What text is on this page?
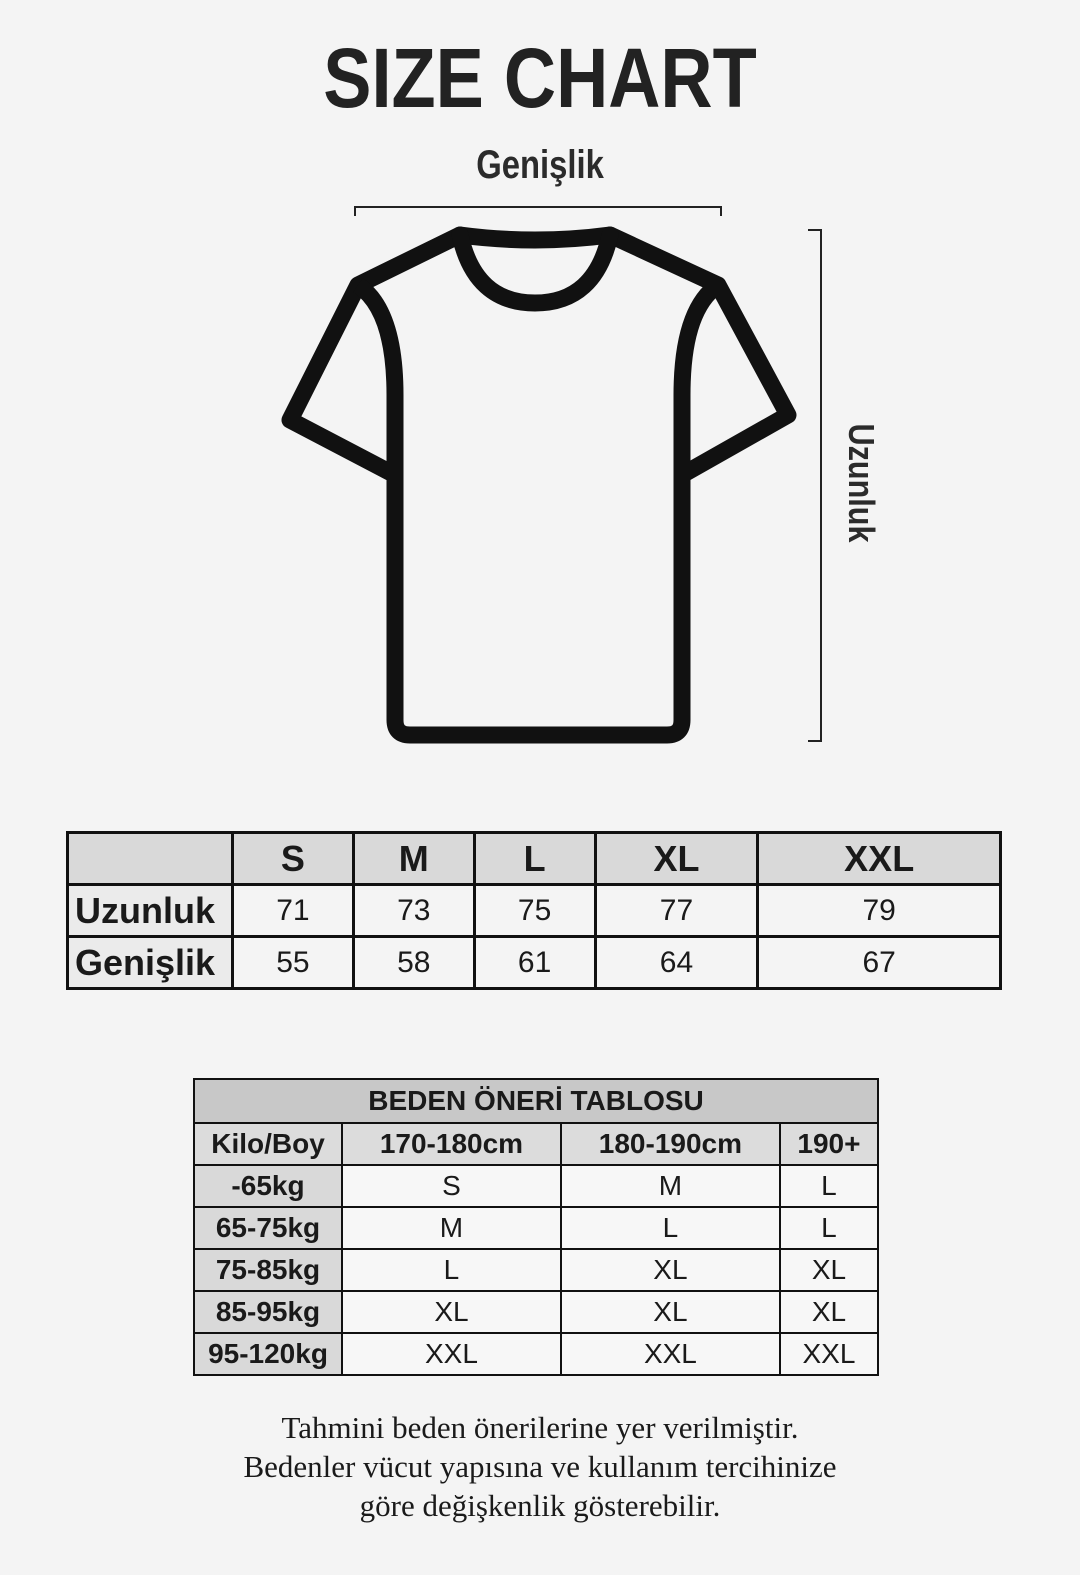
SIZE CHART
Genişlik
Uzunluk
	S	M	L	XL	XXL
Uzunluk	71	73	75	77	79
Genişlik	55	58	61	64	67
BEDEN ÖNERİ TABLOSU			
Kilo/Boy	170-180cm	180-190cm	190+
-65kg	S	M	L
65-75kg	M	L	L
75-85kg	L	XL	XL
85-95kg	XL	XL	XL
95-120kg	XXL	XXL	XXL
Tahmini beden önerilerine yer verilmiştir.
Bedenler vücut yapısına ve kullanım tercihinize
göre değişkenlik gösterebilir.
